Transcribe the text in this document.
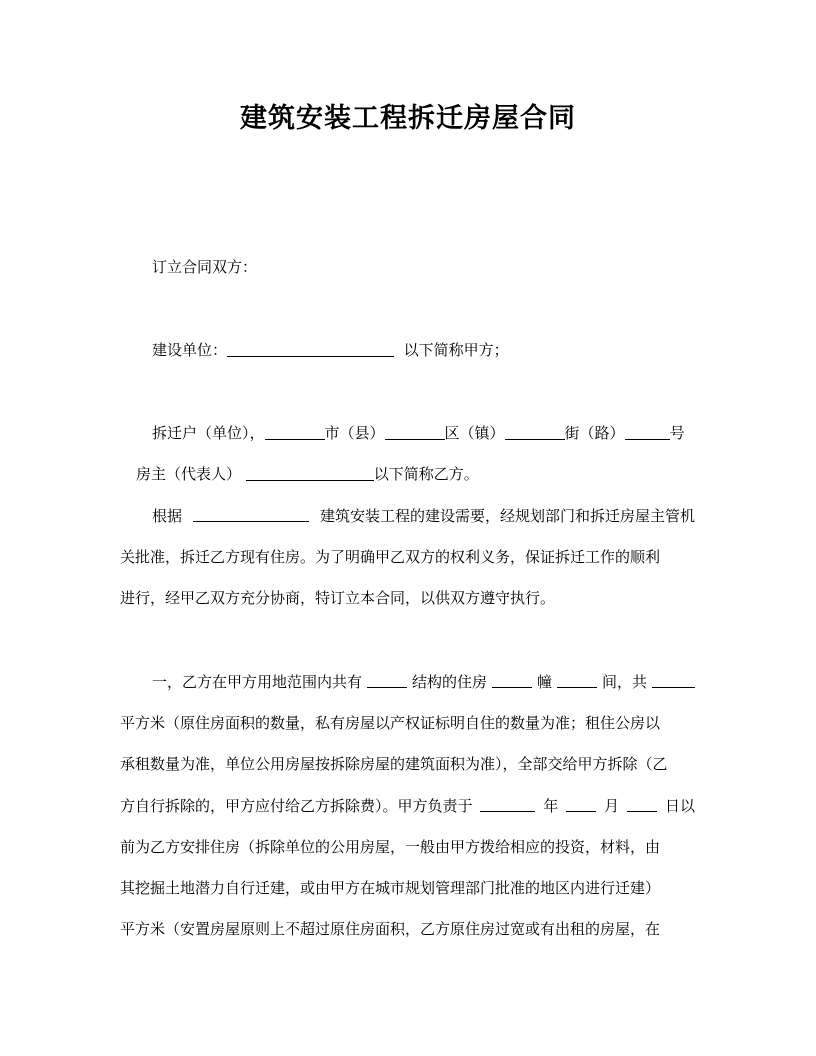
建筑安装工程拆迁房屋合同
订立合同双方：
建设单位：	以下简称甲方；
拆迁户（单位），	市（县）	区（镇）	街（路）	号
房主（代表人）	以下简称乙方。
根据	建筑安装工程的建设需要，经规划部门和拆迁房屋主管机
关批准，拆迁乙方现有住房。为了明确甲乙双方的权利义务，保证拆迁工作的顺利
进行，经甲乙双方充分协商，特订立本合同，以供双方遵守执行。
一，乙方在甲方用地范围内共有	结构的住房	幢	间，共
平方米（原住房面积的数量，私有房屋以产权证标明自住的数量为准；租住公房以
承租数量为准，单位公用房屋按拆除房屋的建筑面积为准），全部交给甲方拆除（乙
方自行拆除的，甲方应付给乙方拆除费）。甲方负责于	年	月	日以
前为乙方安排住房（拆除单位的公用房屋，一般由甲方拨给相应的投资，材料，由
其挖掘土地潜力自行迁建，或由甲方在城市规划管理部门批准的地区内进行迁建）
平方米（安置房屋原则上不超过原住房面积，乙方原住房过宽或有出租的房屋，在
